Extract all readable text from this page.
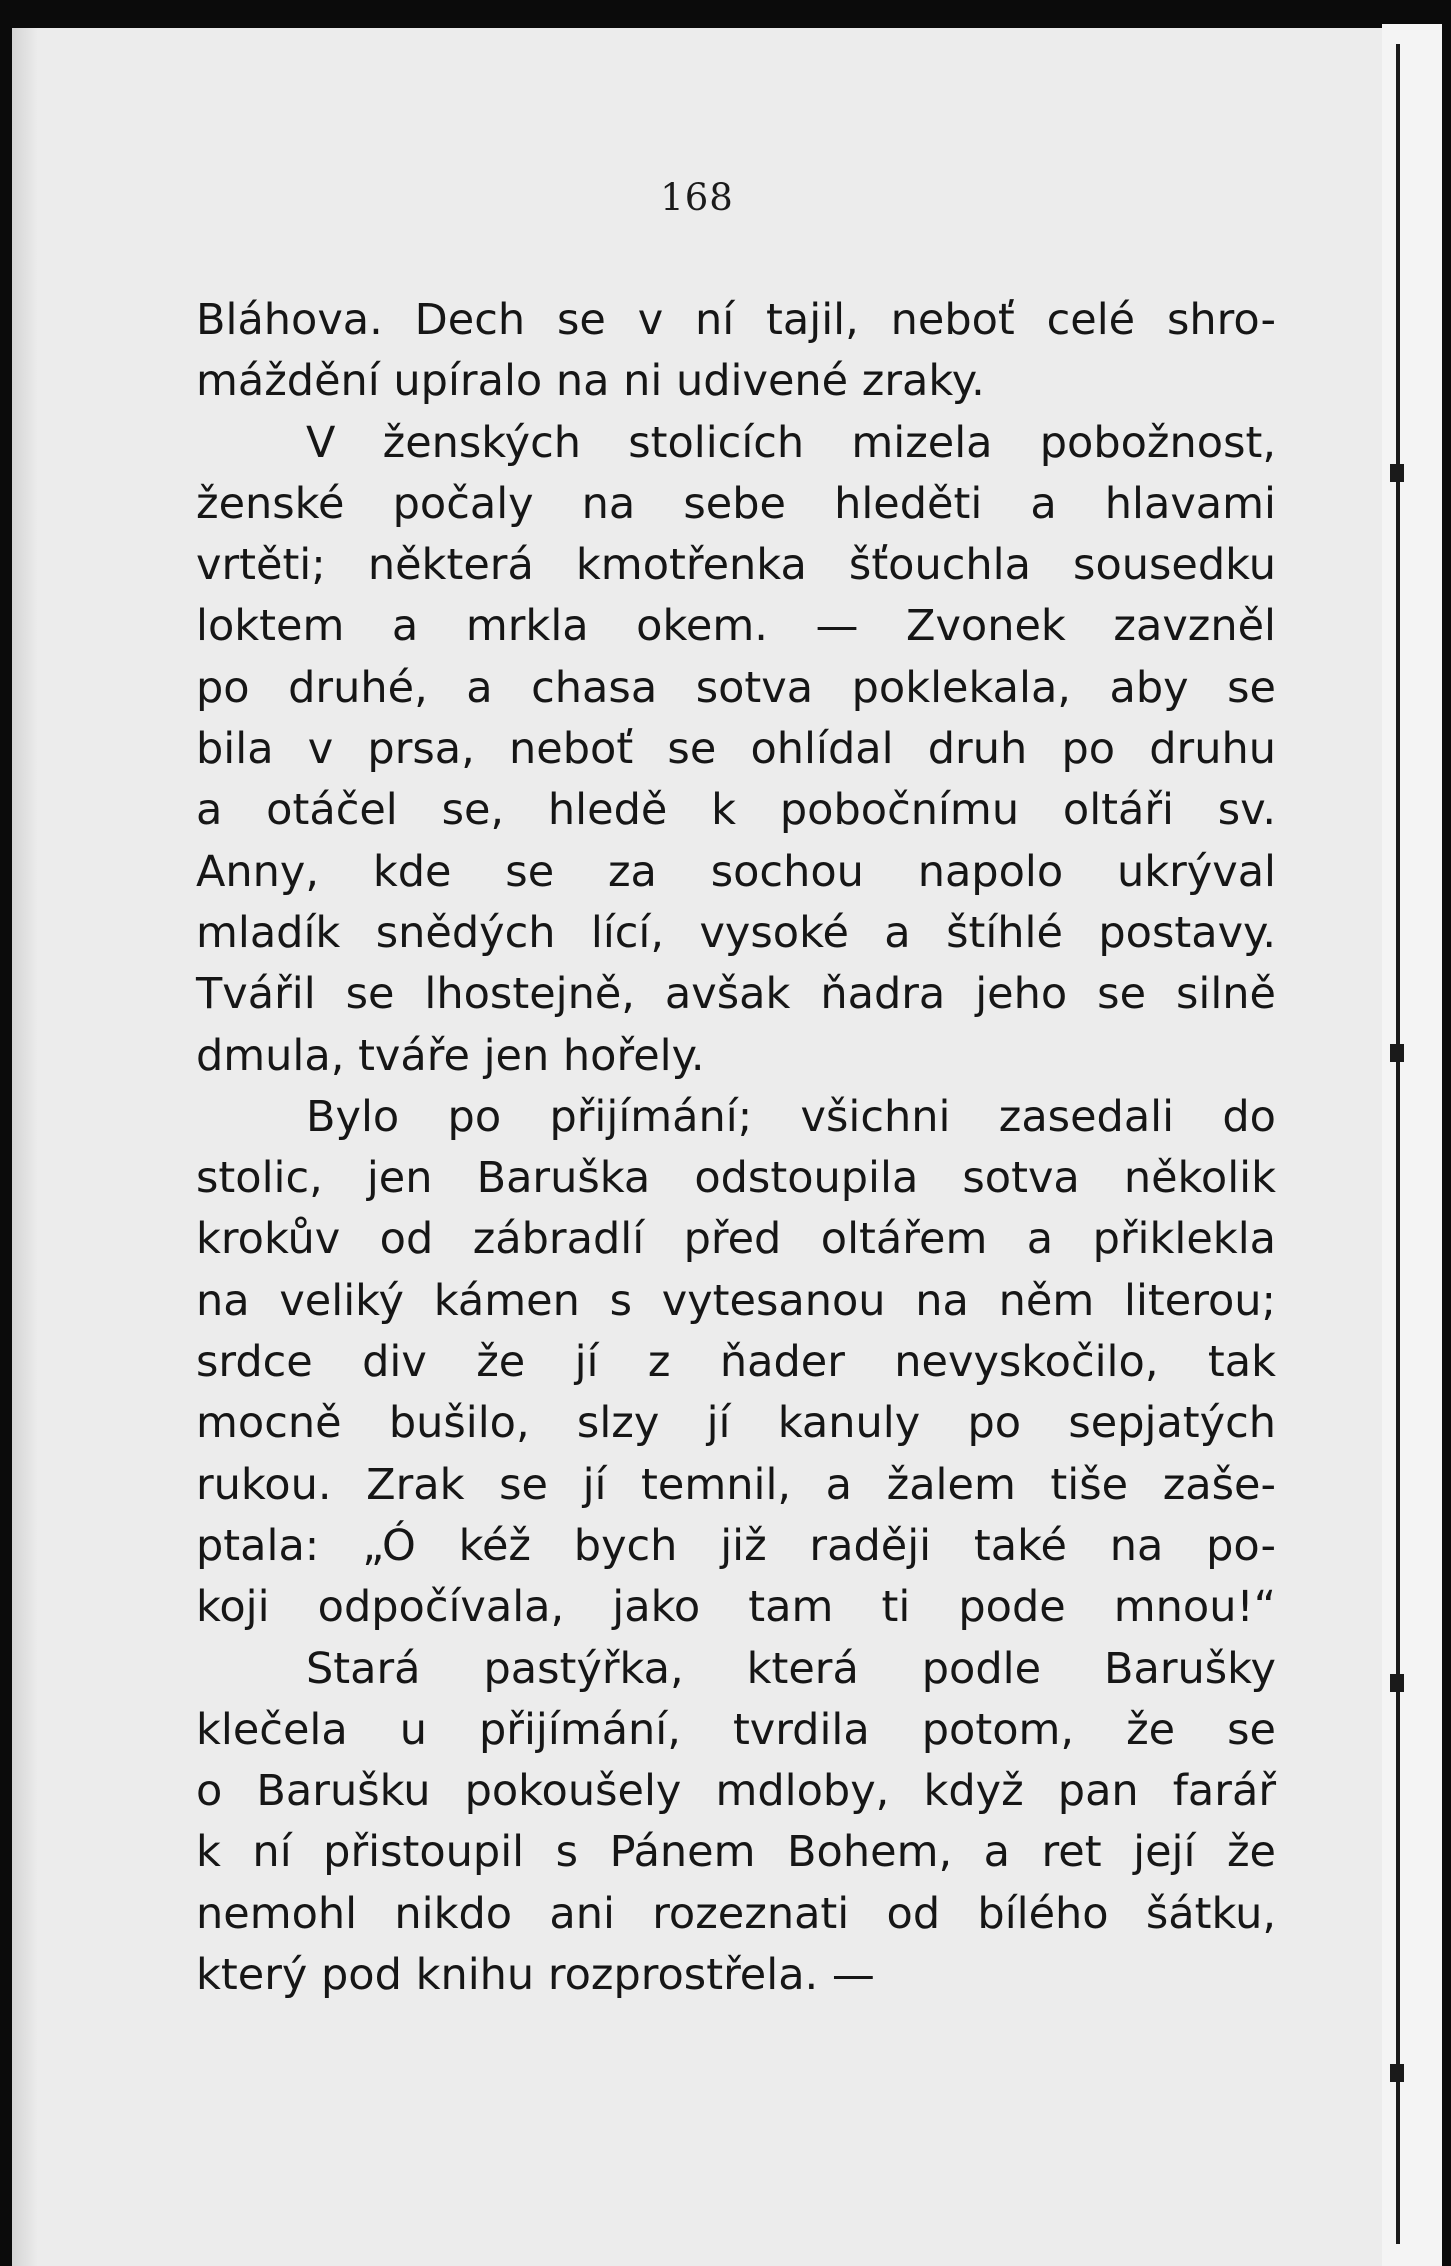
168
Bláhova. Dech se v ní tajil, neboť celé shro-
máždění upíralo na ni udivené zraky.
V ženských stolicích mizela pobožnost,
ženské počaly na sebe hleděti a hlavami
vrtěti; některá kmotřenka šťouchla sousedku
loktem a mrkla okem. — Zvonek zavzněl
po druhé, a chasa sotva poklekala, aby se
bila v prsa, neboť se ohlídal druh po druhu
a otáčel se, hledě k pobočnímu oltáři sv.
Anny, kde se za sochou napolo ukrýval
mladík snědých lící, vysoké a štíhlé postavy.
Tvářil se lhostejně, avšak ňadra jeho se silně
dmula, tváře jen hořely.
Bylo po přijímání; všichni zasedali do
stolic, jen Baruška odstoupila sotva několik
krokův od zábradlí před oltářem a přiklekla
na veliký kámen s vytesanou na něm literou;
srdce div že jí z ňader nevyskočilo, tak
mocně bušilo, slzy jí kanuly po sepjatých
rukou. Zrak se jí temnil, a žalem tiše zaše-
ptala: „Ó kéž bych již raději také na po-
koji odpočívala, jako tam ti pode mnou!“
Stará pastýřka, která podle Barušky
klečela u přijímání, tvrdila potom, že se
o Barušku pokoušely mdloby, když pan farář
k ní přistoupil s Pánem Bohem, a ret její že
nemohl nikdo ani rozeznati od bílého šátku,
který pod knihu rozprostřela. —
